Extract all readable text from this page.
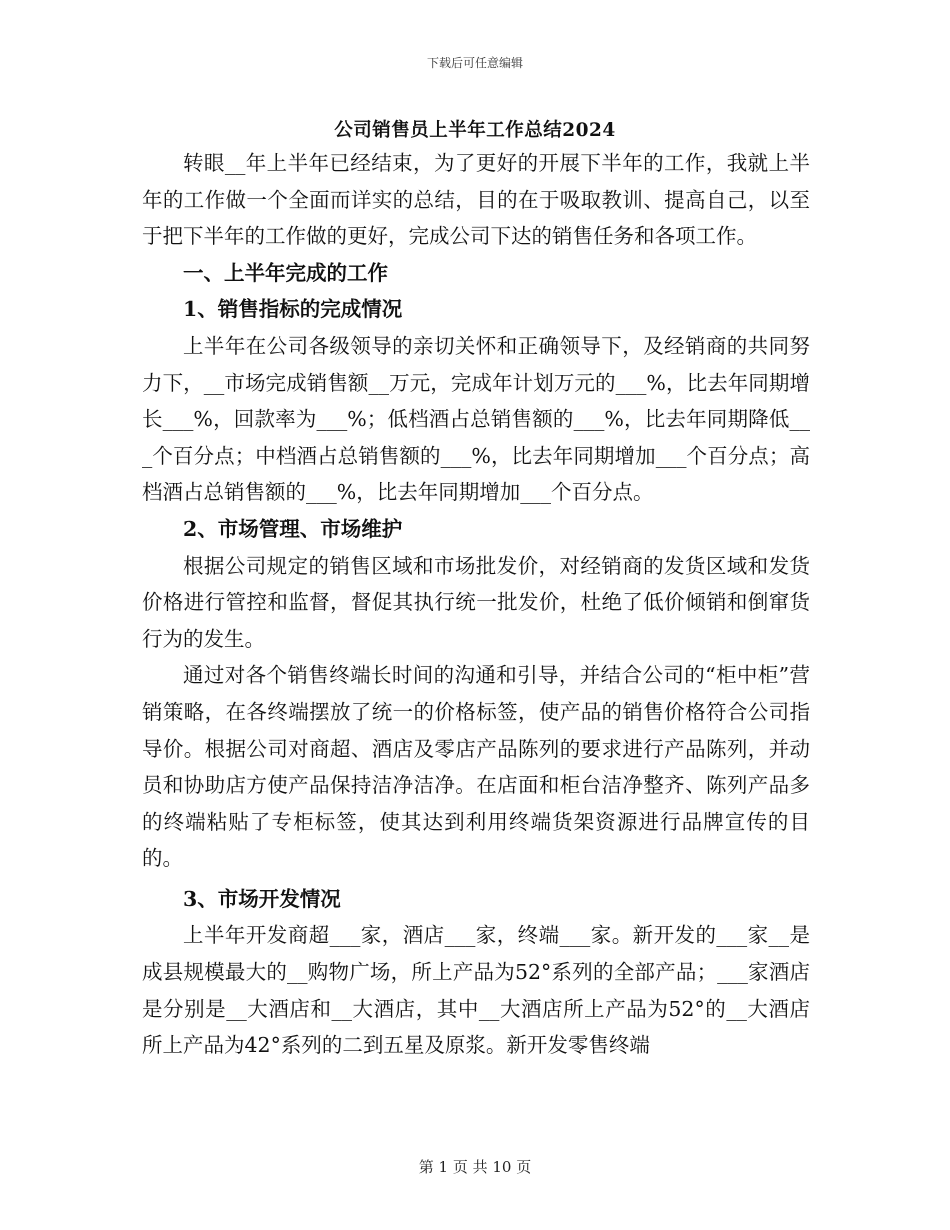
下载后可任意编辑
公司销售员上半年工作总结2024

转眼__年上半年已经结束，为了更好的开展下半年的工作，我就上半年的工作做一个全面而详实的总结，目的在于吸取教训、提高自己，以至于把下半年的工作做的更好，完成公司下达的销售任务和各项工作。

一、上半年完成的工作
1、销售指标的完成情况

上半年在公司各级领导的亲切关怀和正确领导下，及经销商的共同努力下，__市场完成销售额__万元，完成年计划万元的___%，比去年同期增长___%，回款率为___%；低档酒占总销售额的___%，比去年同期降低___个百分点；中档酒占总销售额的___%，比去年同期增加___个百分点；高档酒占总销售额的___%，比去年同期增加___个百分点。

2、市场管理、市场维护

根据公司规定的销售区域和市场批发价，对经销商的发货区域和发货价格进行管控和监督，督促其执行统一批发价，杜绝了低价倾销和倒窜货行为的发生。

通过对各个销售终端长时间的沟通和引导，并结合公司的“柜中柜”营销策略，在各终端摆放了统一的价格标签，使产品的销售价格符合公司指导价。根据公司对商超、酒店及零店产品陈列的要求进行产品陈列，并动员和协助店方使产品保持洁净洁净。在店面和柜台洁净整齐、陈列产品多的终端粘贴了专柜标签，使其达到利用终端货架资源进行品牌宣传的目的。

3、市场开发情况

上半年开发商超___家，酒店___家，终端___家。新开发的___家__是成县规模最大的__购物广场，所上产品为52°系列的全部产品；___家酒店是分别是__大酒店和__大酒店，其中__大酒店所上产品为52°的__大酒店所上产品为42°系列的二到五星及原浆。新开发零售终端

第 1 页 共 10 页
